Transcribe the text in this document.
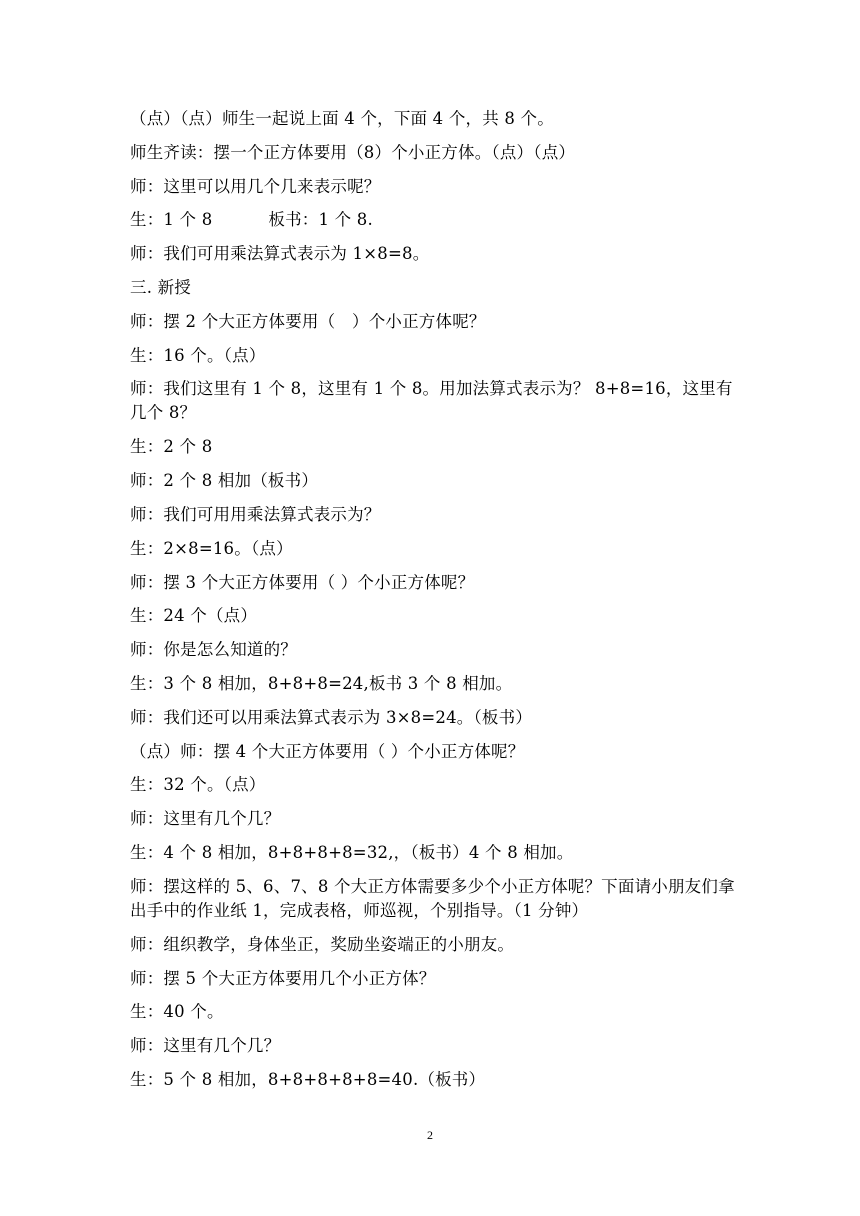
（点）（点）师生一起说上面 4 个，下面 4 个，共 8 个。
师生齐读：摆一个正方体要用（8）个小正方体。（点）（点）
师：这里可以用几个几来表示呢？
生：1 个 8	板书：1 个 8.
师：我们可用乘法算式表示为 1×8=8。
三. 新授
师：摆 2 个大正方体要用（　）个小正方体呢？
生：16 个。（点）
师：我们这里有 1 个 8，这里有 1 个 8。用加法算式表示为？ 8+8=16，这里有几个 8？
生：2 个 8
师：2 个 8 相加（板书）
师：我们可用用乘法算式表示为？
生：2×8=16。（点）
师：摆 3 个大正方体要用（ ）个小正方体呢？
生：24 个（点）
师：你是怎么知道的？
生：3 个 8 相加，8+8+8=24,板书 3 个 8 相加。
师：我们还可以用乘法算式表示为 3×8=24。（板书）
（点）师：摆 4 个大正方体要用（ ）个小正方体呢？
生：32 个。（点）
师：这里有几个几？
生：4 个 8 相加，8+8+8+8=32,，（板书）4 个 8 相加。
师：摆这样的 5、6、7、8 个大正方体需要多少个小正方体呢？下面请小朋友们拿出手中的作业纸 1，完成表格，师巡视，个别指导。（1 分钟）
师：组织教学，身体坐正，奖励坐姿端正的小朋友。
师：摆 5 个大正方体要用几个小正方体？
生：40 个。
师：这里有几个几？
生：5 个 8 相加，8+8+8+8+8=40.（板书）
2
